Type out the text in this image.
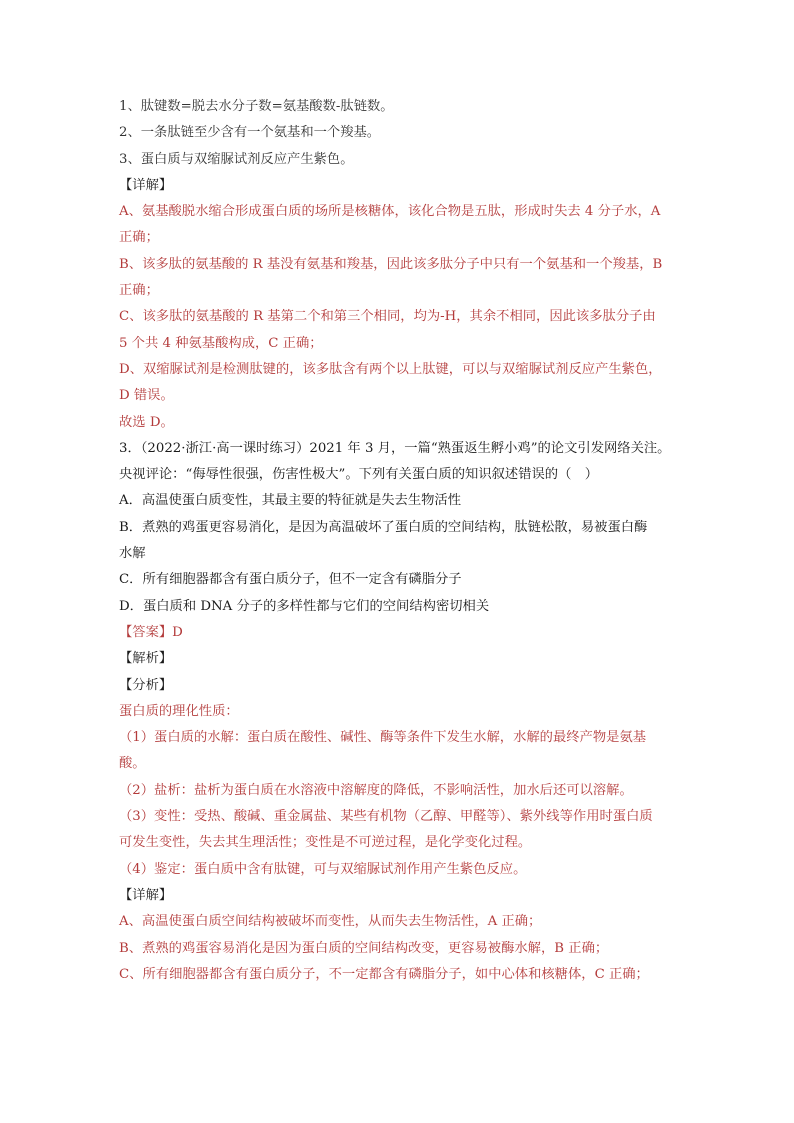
1、肽键数=脱去水分子数=氨基酸数-肽链数。
2、一条肽链至少含有一个氨基和一个羧基。
3、蛋白质与双缩脲试剂反应产生紫色。
【详解】
A、氨基酸脱水缩合形成蛋白质的场所是核糖体，该化合物是五肽，形成时失去 4 分子水，A
正确；
B、该多肽的氨基酸的 R 基没有氨基和羧基，因此该多肽分子中只有一个氨基和一个羧基，B
正确；
C、该多肽的氨基酸的 R 基第二个和第三个相同，均为-H，其余不相同，因此该多肽分子由
5 个共 4 种氨基酸构成，C 正确；
D、双缩脲试剂是检测肽键的，该多肽含有两个以上肽键，可以与双缩脲试剂反应产生紫色，
D 错误。
故选 D。
3．（2022·浙江·高一课时练习）2021 年 3 月，一篇“熟蛋返生孵小鸡”的论文引发网络关注。
央视评论：“侮辱性很强，伤害性极大”。下列有关蛋白质的知识叙述错误的（　）
A．高温使蛋白质变性，其最主要的特征就是失去生物活性
B．煮熟的鸡蛋更容易消化，是因为高温破坏了蛋白质的空间结构，肽链松散，易被蛋白酶
水解
C．所有细胞器都含有蛋白质分子，但不一定含有磷脂分子
D．蛋白质和 DNA 分子的多样性都与它们的空间结构密切相关
【答案】D
【解析】
【分析】
蛋白质的理化性质：
（1）蛋白质的水解：蛋白质在酸性、碱性、酶等条件下发生水解，水解的最终产物是氨基
酸。
（2）盐析：盐析为蛋白质在水溶液中溶解度的降低，不影响活性，加水后还可以溶解。
（3）变性：受热、酸碱、重金属盐、某些有机物（乙醇、甲醛等）、紫外线等作用时蛋白质
可发生变性，失去其生理活性；变性是不可逆过程，是化学变化过程。
（4）鉴定：蛋白质中含有肽键，可与双缩脲试剂作用产生紫色反应。
【详解】
A、高温使蛋白质空间结构被破坏而变性，从而失去生物活性，A 正确；
B、煮熟的鸡蛋容易消化是因为蛋白质的空间结构改变，更容易被酶水解，B 正确；
C、所有细胞器都含有蛋白质分子，不一定都含有磷脂分子，如中心体和核糖体，C 正确；
